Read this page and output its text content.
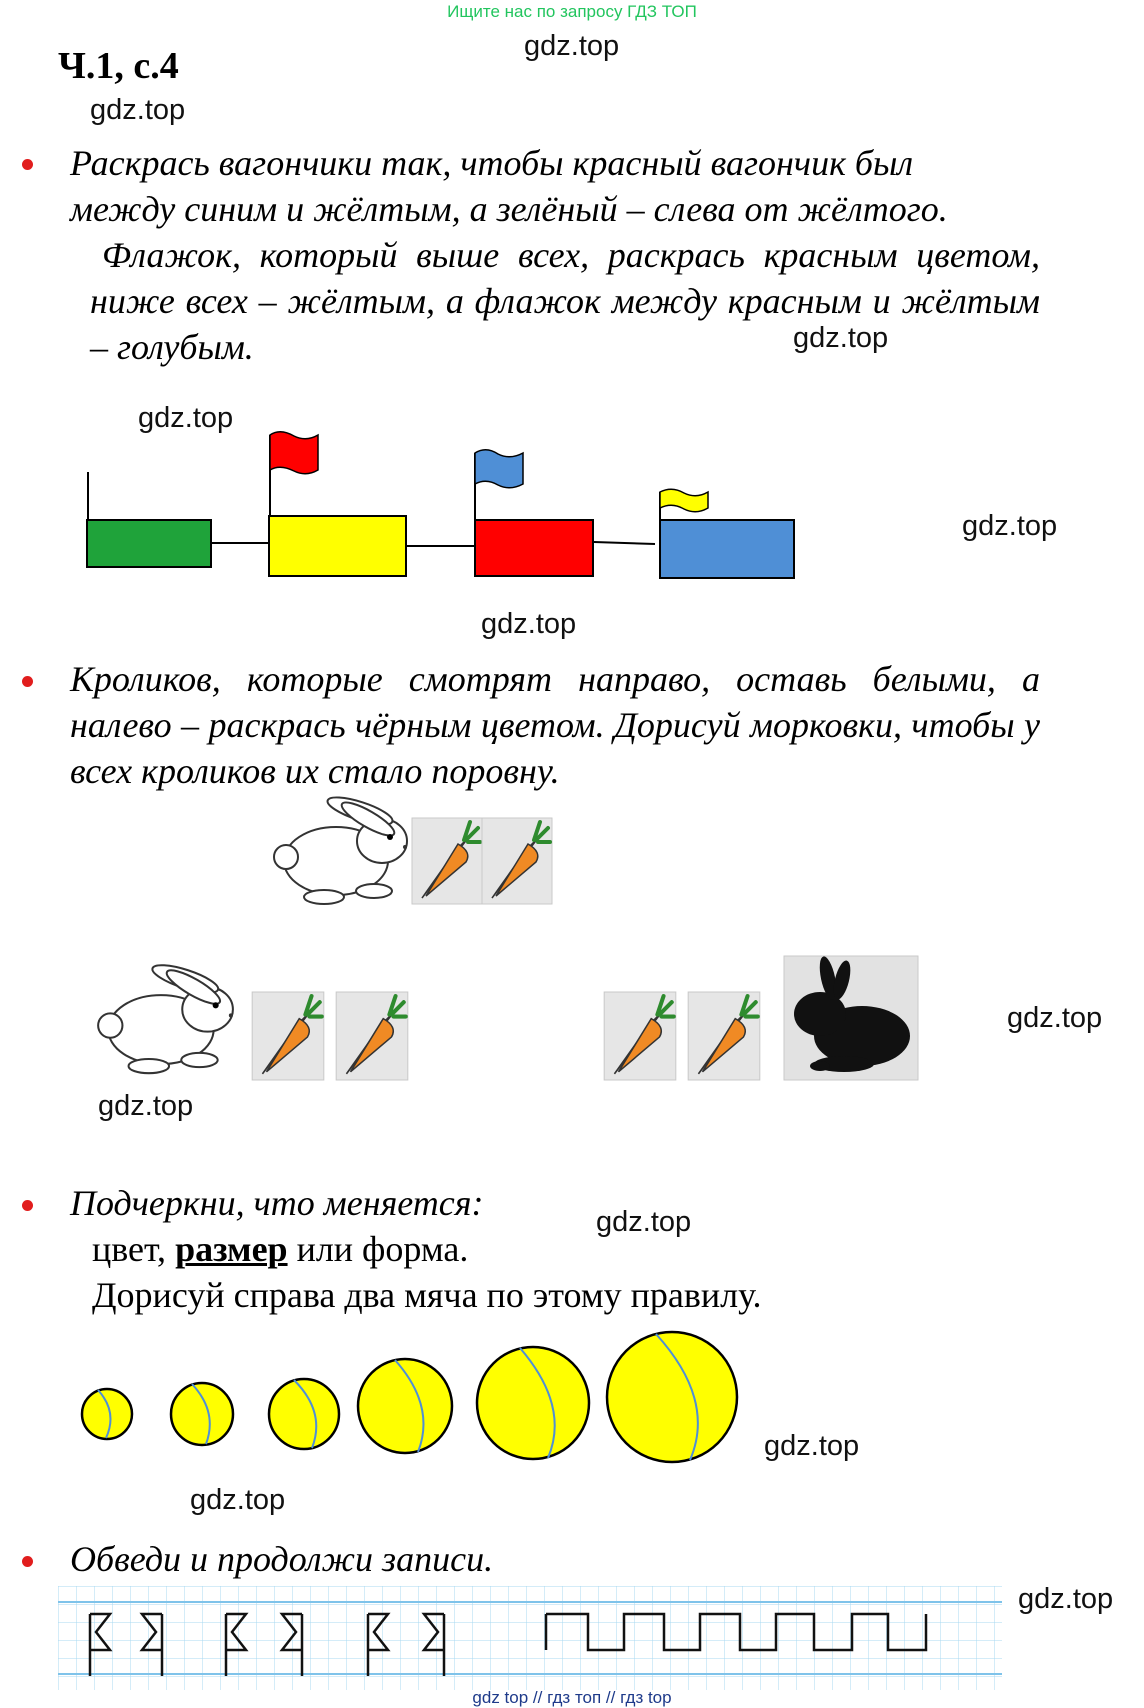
Ищите нас по запросу ГДЗ ТОП
Ч.1, с.4	gdz.top
gdz.top
gdz.top
gdz.top
gdz.top
gdz.top
gdz.top
gdz.top
gdz.top
gdz.top
gdz.top
gdz.top
Раскрась вагончики так, чтобы красный вагончик был
между синим и жёлтым, а зелёный – слева от жёлтого.
Флажок, который выше всех, раскрась красным цветом, ниже всех – жёлтым, а флажок между красным и жёлтым – голубым.
Кроликов, которые смотрят направо, оставь белыми, а налево – раскрась чёрным цветом. Дорисуй морковки, чтобы у всех кроликов их стало поровну.
Подчеркни, что меняется:
цвет, размер или форма.
Дорисуй справа два мяча по этому правилу.
Обведи и продолжи записи.
gdz top // гдз топ // гдз top
